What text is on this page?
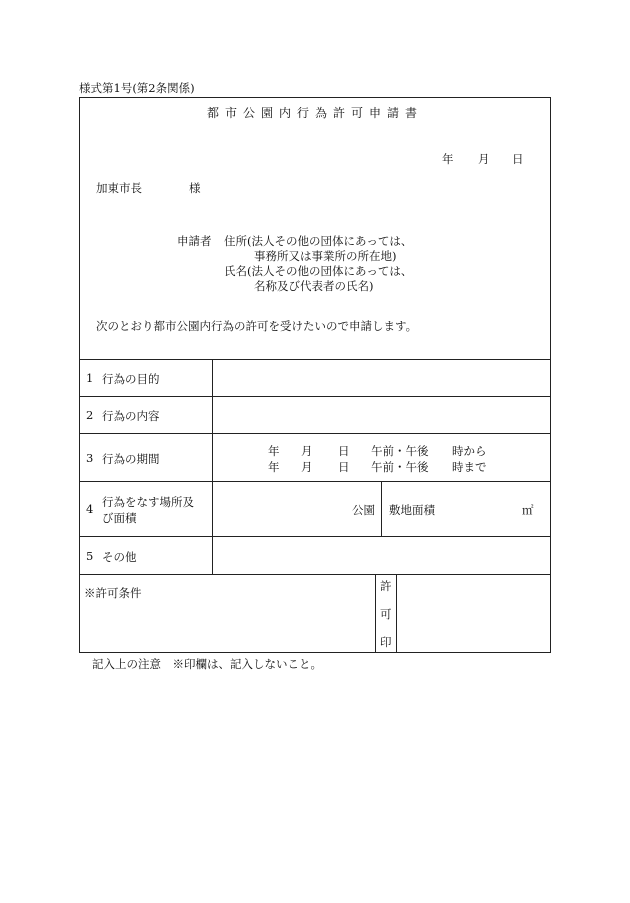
様式第1号(第2条関係)
都市公園内行為許可申請書
年 月 日
加東市長	様
申請者 住所(法人その他の団体にあっては、
事務所又は事業所の所在地)
氏名(法人その他の団体にあっては、
名称及び代表者の氏名)
次のとおり都市公園内行為の許可を受けたいので申請します。
1 行為の目的
2 行為の内容
3 行為の期間
年 月 日 午前・午後 時から
年 月 日 午前・午後 時まで
4 行為をなす場所及
び面積
公園 敷地面積	㎡
5 その他
※許可条件	許
可
印
記入上の注意　※印欄は、記入しないこと。
